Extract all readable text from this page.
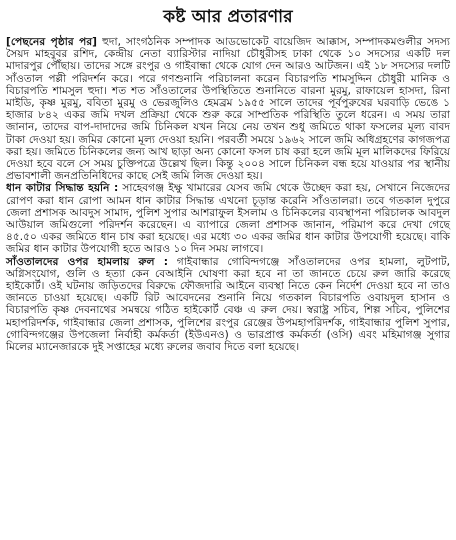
কষ্ট আর প্রতারণার

[পেছনের পৃষ্ঠার পর] হুদা, সাংগঠনিক সম্পাদক আডভোকেট বায়েজিদ আক্কাস, সম্পাদকমণ্ডলীর সদস্য সৈয়দ মাহবুবর রশিদ, কেন্দ্রীয় নেতা ব্যারিস্টার নাদিয়া চৌধুরীসহ ঢাকা থেকে ১০ সদস্যের একটি দল মাদারপুর পৌঁছায়। তাদের সঙ্গে রংপুর ও গাইবান্ধা থেকে যোগ দেন আরও আটজন। এই ১৮ সদস্যের দলটি সাঁওতাল পল্লী পরিদর্শন করে। পরে গণশুনানি পরিচালনা করেন বিচারপতি শামসুদ্দিন চৌধুরী মানিক ও বিচারপতি শামসুল হুদা। শত শত সাঁওতালের উপস্থিতিতে শুনানিতে বারনা মুরমু, রাফায়েল হাসদা, রিনা মাইডি, কৃষ্ণ মুরমু, ববিতা মুরমু ও ভেরজুলিও হেমব্রম ১৯৫৫ সালে তাদের পূর্বপুরুষের ঘরবাড়ি ভেঙে ১ হাজার ৮৪২ একর জমি দখল প্রক্রিয়া থেকে শুরু করে সাম্প্রতিক পরিস্থিতি তুলে ধরেন। এ সময় তারা জানান, তাদের বাপ-দাদাদের জমি চিনিকল যখন নিয়ে নেয় তখন শুধু জমিতে থাকা ফসলের মূল্য বাবদ টাকা দেওয়া হয়। জমির কোনো মূল্য দেওয়া হয়নি। পরবর্তী সময়ে ১৯৬২ সালে জমি অধিগ্রহণের কাগজপত্র করা হয়। জমিতে চিনিকলের জন্য আখ ছাড়া অন্য কোনো ফসল চাষ করা হলে জমি মূল মালিকদের ফিরিয়ে দেওয়া হবে বলে সে সময় চুক্তিপত্রে উল্লেখ ছিল। কিন্তু ২০০৪ সালে চিনিকল বন্ধ হয়ে যাওয়ার পর স্থানীয় প্রভাবশালী জনপ্রতিনিধিদের কাছে সেই জমি লিজ দেওয়া হয়।

ধান কাটার সিদ্ধান্ত হয়নি : সাহেবগঞ্জ ইক্ষু খামারের যেসব জমি থেকে উচ্ছেদ করা হয়, সেখানে নিজেদের রোপণ করা ধান রোপা আমন ধান কাটার সিদ্ধান্ত এখনো চূড়ান্ত করেনি সাঁওতালরা। তবে গতকাল দুপুরে জেলা প্রশাসক আবদুস সামাদ, পুলিশ সুপার আশরাফুল ইসলাম ও চিনিকলের ব্যবস্থাপনা পরিচালক আবদুল আউয়াল জমিগুলো পরিদর্শন করেছেন। এ ব্যাপারে জেলা প্রশাসক জানান, পরিমাপ করে দেখা গেছে ৪৫.৫০ একর জমিতে ধান চাষ করা হয়েছে। এর মধ্যে ৩০ একর জমির ধান কাটার উপযোগী হয়েছে। বাকি জমির ধান কাটার উপযোগী হতে আরও ১০ দিন সময় লাগবে।

সাঁওতালদের ওপর হামলায় রুল : গাইবান্ধার গোবিন্দগঞ্জে সাঁওতালদের ওপর হামলা, লুটপাট, অগ্নিসংযোগ, গুলি ও হত্যা কেন বেআইনি ঘোষণা করা হবে না তা জানতে চেয়ে রুল জারি করেছে হাইকোর্ট। ওই ঘটনায় জড়িতদের বিরুদ্ধে ফৌজদারি আইনে ব্যবস্থা নিতে কেন নির্দেশ দেওয়া হবে না তাও জানতে চাওয়া হয়েছে। একটি রিট আবেদনের শুনানি নিয়ে গতকাল বিচারপতি ওবায়দুল হাসান ও বিচারপতি কৃষ্ণ দেবনাথের সমন্বয়ে গঠিত হাইকোর্ট বেঞ্চ এ রুল দেয়। স্বরাষ্ট্র সচিব, শিল্প সচিব, পুলিশের মহাপরিদর্শক, গাইবান্ধার জেলা প্রশাসক, পুলিশের রংপুর রেঞ্জের উপমহাপরিদর্শক, গাইবান্ধার পুলিশ সুপার, গোবিন্দগঞ্জের উপজেলা নির্বাহী কর্মকর্তা (ইউএনও) ও ভারপ্রাপ্ত কর্মকর্তা (ওসি) এবং মহিমাগঞ্জ সুগার মিলের ম্যানেজারকে দুই সপ্তাহের মধ্যে রুলের জবাব দিতে বলা হয়েছে।
